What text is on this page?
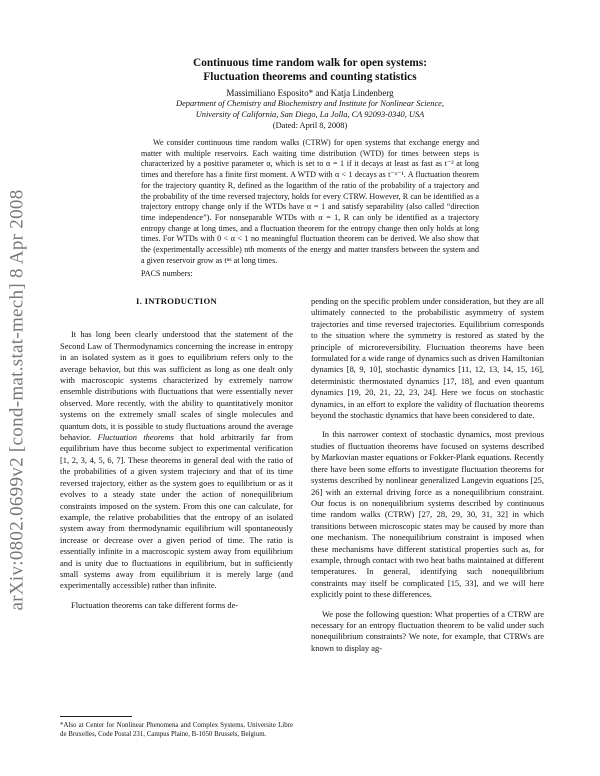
arXiv:0802.0699v2 [cond-mat.stat-mech] 8 Apr 2008
Continuous time random walk for open systems:
Fluctuation theorems and counting statistics
Massimiliano Esposito* and Katja Lindenberg
Department of Chemistry and Biochemistry and Institute for Nonlinear Science,
University of California, San Diego, La Jolla, CA 92093-0340, USA
(Dated: April 8, 2008)

We consider continuous time random walks (CTRW) for open systems that exchange energy and matter with multiple reservoirs. Each waiting time distribution (WTD) for times between steps is characterized by a positive parameter α, which is set to α = 1 if it decays at least as fast as t⁻² at long times and therefore has a finite first moment. A WTD with α < 1 decays as t⁻ᵅ⁻¹. A fluctuation theorem for the trajectory quantity R, defined as the logarithm of the ratio of the probability of a trajectory and the probability of the time reversed trajectory, holds for every CTRW. However, R can be identified as a trajectory entropy change only if the WTDs have α = 1 and satisfy separability (also called “direction time independence”). For nonseparable WTDs with α = 1, R can only be identified as a trajectory entropy change at long times, and a fluctuation theorem for the entropy change then only holds at long times. For WTDs with 0 < α < 1 no meaningful fluctuation theorem can be derived. We also show that the (experimentally accessible) nth moments of the energy and matter transfers between the system and a given reservoir grow as tⁿᵅ at long times.

PACS numbers:
I. INTRODUCTION

It has long been clearly understood that the statement of the Second Law of Thermodynamics concerning the increase in entropy in an isolated system as it goes to equilibrium refers only to the average behavior, but this was sufficient as long as one dealt only with macroscopic systems characterized by extremely narrow ensemble distributions with fluctuations that were essentially never observed. More recently, with the ability to quantitatively monitor systems on the extremely small scales of single molecules and quantum dots, it is possible to study fluctuations around the average behavior. Fluctuation theorems that hold arbitrarily far from equilibrium have thus become subject to experimental verification [1, 2, 3, 4, 5, 6, 7]. These theorems in general deal with the ratio of the probabilities of a given system trajectory and that of its time reversed trajectory, either as the system goes to equilibrium or as it evolves to a steady state under the action of nonequilibrium constraints imposed on the system. From this one can calculate, for example, the relative probabilities that the entropy of an isolated system away from thermodynamic equilibrium will spontaneously increase or decrease over a given period of time. The ratio is essentially infinite in a macroscopic system away from equilibrium and is unity due to fluctuations in equilibrium, but in sufficiently small systems away from equilibrium it is merely large (and experimentally accessible) rather than infinite.

Fluctuation theorems can take different forms de-

pending on the specific problem under consideration, but they are all ultimately connected to the probabilistic asymmetry of system trajectories and time reversed trajectories. Equilibrium corresponds to the situation where the symmetry is restored as stated by the principle of microreversibility. Fluctuation theorems have been formulated for a wide range of dynamics such as driven Hamiltonian dynamics [8, 9, 10], stochastic dynamics [11, 12, 13, 14, 15, 16], deterministic thermostated dynamics [17, 18], and even quantum dynamics [19, 20, 21, 22, 23, 24]. Here we focus on stochastic dynamics, in an effort to explore the validity of fluctuation theorems beyond the stochastic dynamics that have been considered to date.

In this narrower context of stochastic dynamics, most previous studies of fluctuation theorems have focused on systems described by Markovian master equations or Fokker-Plank equations. Recently there have been some efforts to investigate fluctuation theorems for systems described by nonlinear generalized Langevin equations [25, 26] with an external driving force as a nonequilibrium constraint. Our focus is on nonequilibrium systems described by continuous time random walks (CTRW) [27, 28, 29, 30, 31, 32] in which transitions between microscopic states may be caused by more than one mechanism. The nonequilibrium constraint is imposed when these mechanisms have different statistical properties such as, for example, through contact with two heat baths maintained at different temperatures. In general, identifying such nonequilibrium constraints may itself be complicated [15, 33], and we will here explicitly point to these differences.

We pose the following question: What properties of a CTRW are necessary for an entropy fluctuation theorem to be valid under such nonequilibrium constraints? We note, for example, that CTRWs are known to display ag-

*Also at Center for Nonlinear Phenomena and Complex Systems, Universite Libre de Bruxelles, Code Postal 231, Campus Plaine, B-1050 Brussels, Belgium.
